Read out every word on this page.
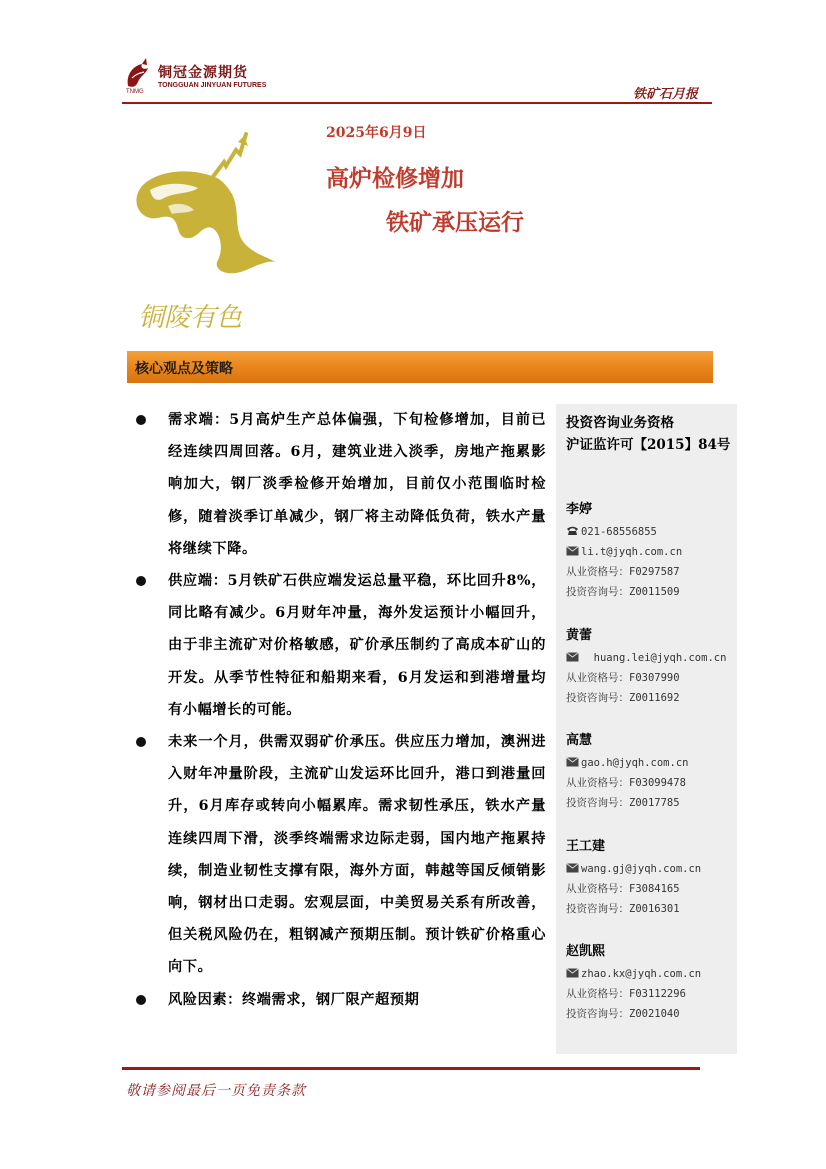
TNMG
铜冠金源期货
TONGGUAN JINYUAN FUTURES
铁矿石月报
铜陵有色
2025年6月9日
高炉检修增加
铁矿承压运行
核心观点及策略
需求端：5月高炉生产总体偏强，下旬检修增加，目前已经连续四周回落。6月，建筑业进入淡季，房地产拖累影响加大，钢厂淡季检修开始增加，目前仅小范围临时检修，随着淡季订单减少，钢厂将主动降低负荷，铁水产量将继续下降。
供应端：5月铁矿石供应端发运总量平稳，环比回升8%，同比略有减少。6月财年冲量，海外发运预计小幅回升，由于非主流矿对价格敏感，矿价承压制约了高成本矿山的开发。从季节性特征和船期来看，6月发运和到港增量均有小幅增长的可能。
未来一个月，供需双弱矿价承压。供应压力增加，澳洲进入财年冲量阶段，主流矿山发运环比回升，港口到港量回升，6月库存或转向小幅累库。需求韧性承压，铁水产量连续四周下滑，淡季终端需求边际走弱，国内地产拖累持续，制造业韧性支撑有限，海外方面，韩越等国反倾销影响，钢材出口走弱。宏观层面，中美贸易关系有所改善，但关税风险仍在，粗钢减产预期压制。预计铁矿价格重心向下。
风险因素：终端需求，钢厂限产超预期
投资咨询业务资格
沪证监许可【2015】84号
李婷
021-68556855
li.t@jyqh.com.cn
从业资格号：F0297587
投资咨询号：Z0011509
黄蕾
huang.lei@jyqh.com.cn
从业资格号：F0307990
投资咨询号：Z0011692
高慧
gao.h@jyqh.com.cn
从业资格号：F03099478
投资咨询号：Z0017785
王工建
wang.gj@jyqh.com.cn
从业资格号：F3084165
投资咨询号：Z0016301
赵凯熙
zhao.kx@jyqh.com.cn
从业资格号：F03112296
投资咨询号：Z0021040
敬请参阅最后一页免责条款
